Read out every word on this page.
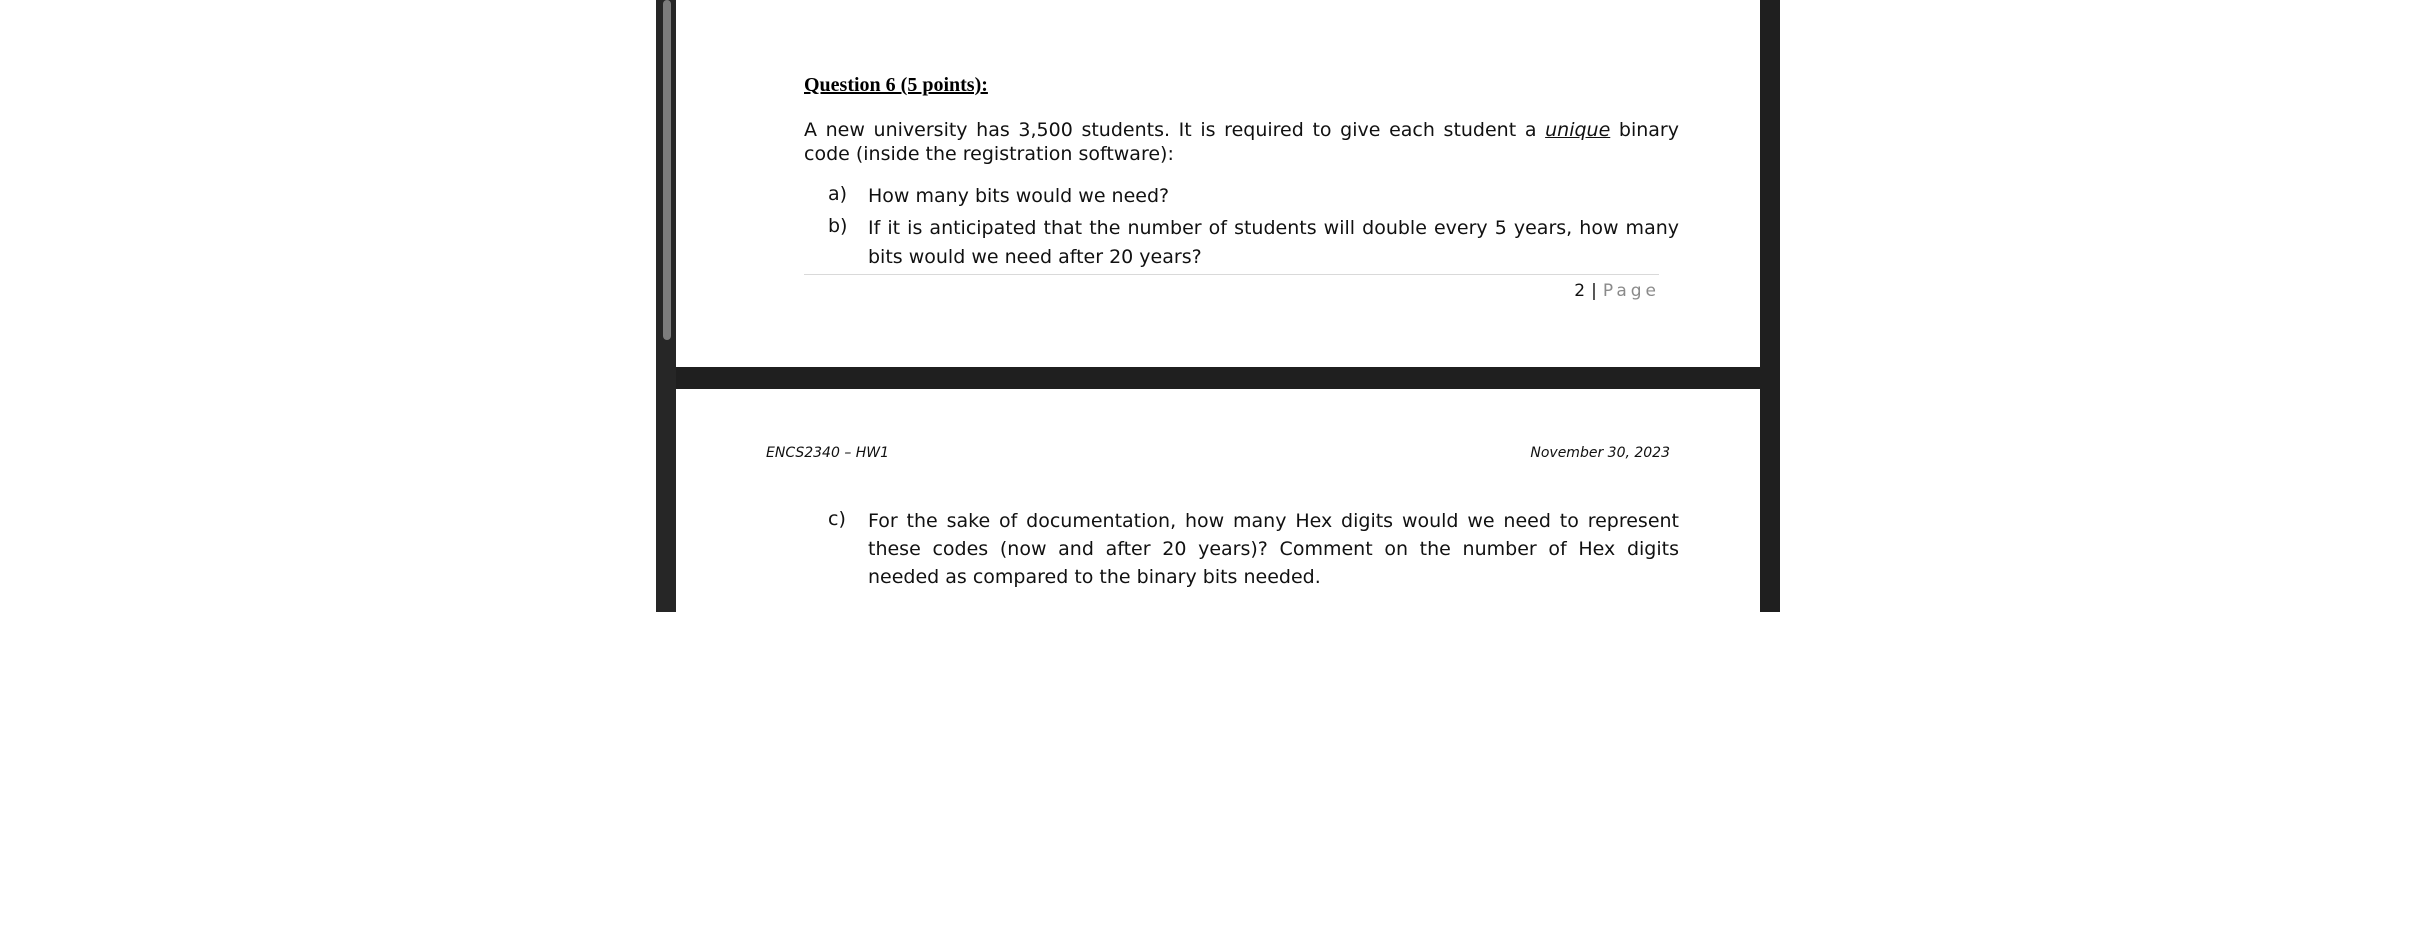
Question 6 (5 points):
A new university has 3,500 students. It is required to give each student a unique binary code (inside the registration software):
a)	How many bits would we need?
b)	If it is anticipated that the number of students will double every 5 years, how many bits would we need after 20 years?
2 | Page
ENCS2340 – HW1	November 30, 2023
c)	For the sake of documentation, how many Hex digits would we need to represent these codes (now and after 20 years)? Comment on the number of Hex digits needed as compared to the binary bits needed.
